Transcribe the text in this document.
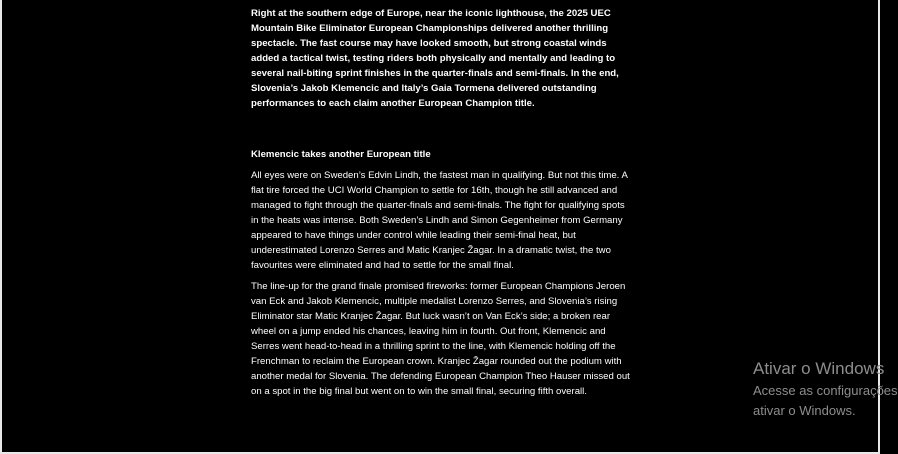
Right at the southern edge of Europe, near the iconic lighthouse, the 2025 UEC Mountain Bike Eliminator European Championships delivered another thrilling spectacle. The fast course may have looked smooth, but strong coastal winds added a tactical twist, testing riders both physically and mentally and leading to several nail-biting sprint finishes in the quarter-finals and semi-finals. In the end, Slovenia’s Jakob Klemencic and Italy’s Gaia Tormena delivered outstanding performances to each claim another European Champion title.

Klemencic takes another European title

All eyes were on Sweden’s Edvin Lindh, the fastest man in qualifying. But not this time. A flat tire forced the UCI World Champion to settle for 16th, though he still advanced and managed to fight through the quarter-finals and semi-finals. The fight for qualifying spots in the heats was intense. Both Sweden’s Lindh and Simon Gegenheimer from Germany appeared to have things under control while leading their semi-final heat, but underestimated Lorenzo Serres and Matic Kranjec Žagar. In a dramatic twist, the two favourites were eliminated and had to settle for the small final.

The line-up for the grand finale promised fireworks: former European Champions Jeroen van Eck and Jakob Klemencic, multiple medalist Lorenzo Serres, and Slovenia’s rising Eliminator star Matic Kranjec Žagar. But luck wasn’t on Van Eck’s side; a broken rear wheel on a jump ended his chances, leaving him in fourth. Out front, Klemencic and Serres went head-to-head in a thrilling sprint to the line, with Klemencic holding off the Frenchman to reclaim the European crown. Kranjec Žagar rounded out the podium with another medal for Slovenia. The defending European Champion Theo Hauser missed out on a spot in the big final but went on to win the small final, securing fifth overall.

Ativar o Windows
Acesse as configurações
ativar o Windows.
